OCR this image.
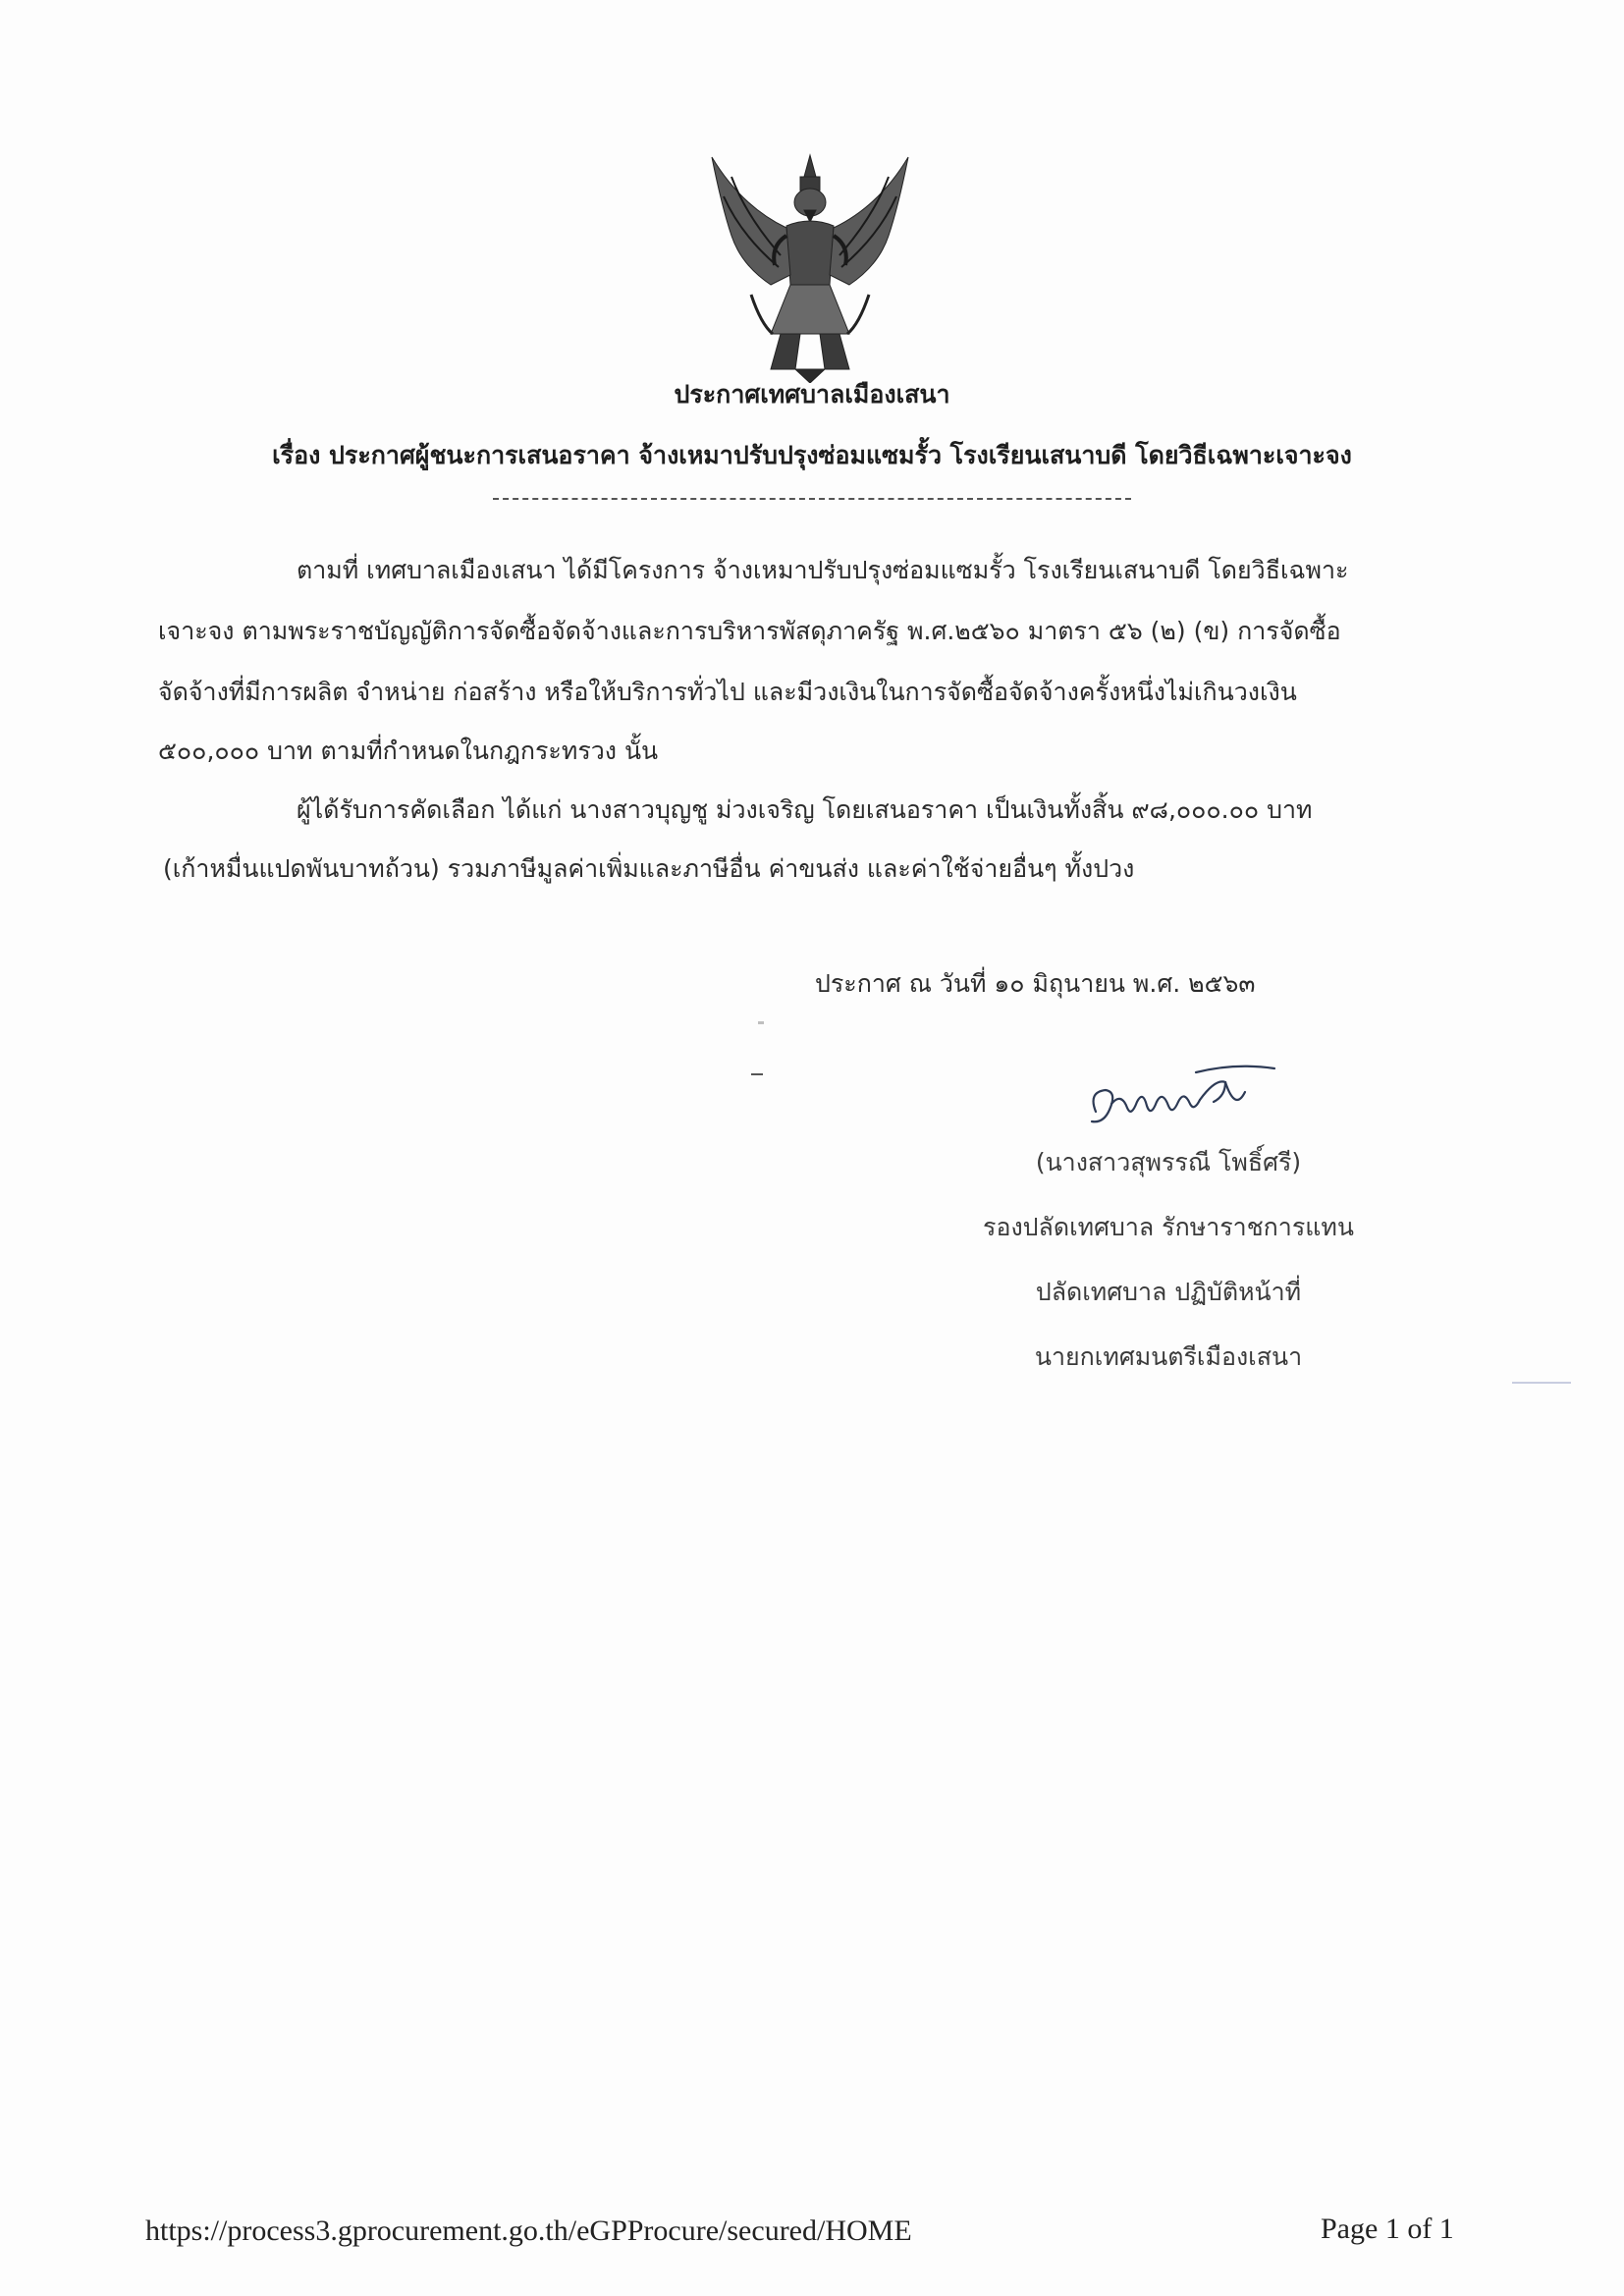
ประกาศเทศบาลเมืองเสนา
เรื่อง ประกาศผู้ชนะการเสนอราคา จ้างเหมาปรับปรุงซ่อมแซมรั้ว โรงเรียนเสนาบดี โดยวิธีเฉพาะเจาะจง
ตามที่ เทศบาลเมืองเสนา ได้มีโครงการ จ้างเหมาปรับปรุงซ่อมแซมรั้ว โรงเรียนเสนาบดี โดยวิธีเฉพาะ
เจาะจง ตามพระราชบัญญัติการจัดซื้อจัดจ้างและการบริหารพัสดุภาครัฐ พ.ศ.๒๕๖๐ มาตรา ๕๖ (๒) (ข) การจัดซื้อ
จัดจ้างที่มีการผลิต จำหน่าย ก่อสร้าง หรือให้บริการทั่วไป และมีวงเงินในการจัดซื้อจัดจ้างครั้งหนึ่งไม่เกินวงเงิน
๕๐๐,๐๐๐ บาท ตามที่กำหนดในกฎกระทรวง นั้น
ผู้ได้รับการคัดเลือก ได้แก่ นางสาวบุญชู ม่วงเจริญ โดยเสนอราคา เป็นเงินทั้งสิ้น ๙๘,๐๐๐.๐๐ บาท
(เก้าหมื่นแปดพันบาทถ้วน) รวมภาษีมูลค่าเพิ่มและภาษีอื่น ค่าขนส่ง และค่าใช้จ่ายอื่นๆ ทั้งปวง
ประกาศ ณ วันที่ ๑๐ มิถุนายน พ.ศ. ๒๕๖๓
(นางสาวสุพรรณี โพธิ์ศรี)
รองปลัดเทศบาล รักษาราชการแทน
ปลัดเทศบาล ปฏิบัติหน้าที่
นายกเทศมนตรีเมืองเสนา
https://process3.gprocurement.go.th/eGPProcure/secured/HOME	Page 1 of 1
